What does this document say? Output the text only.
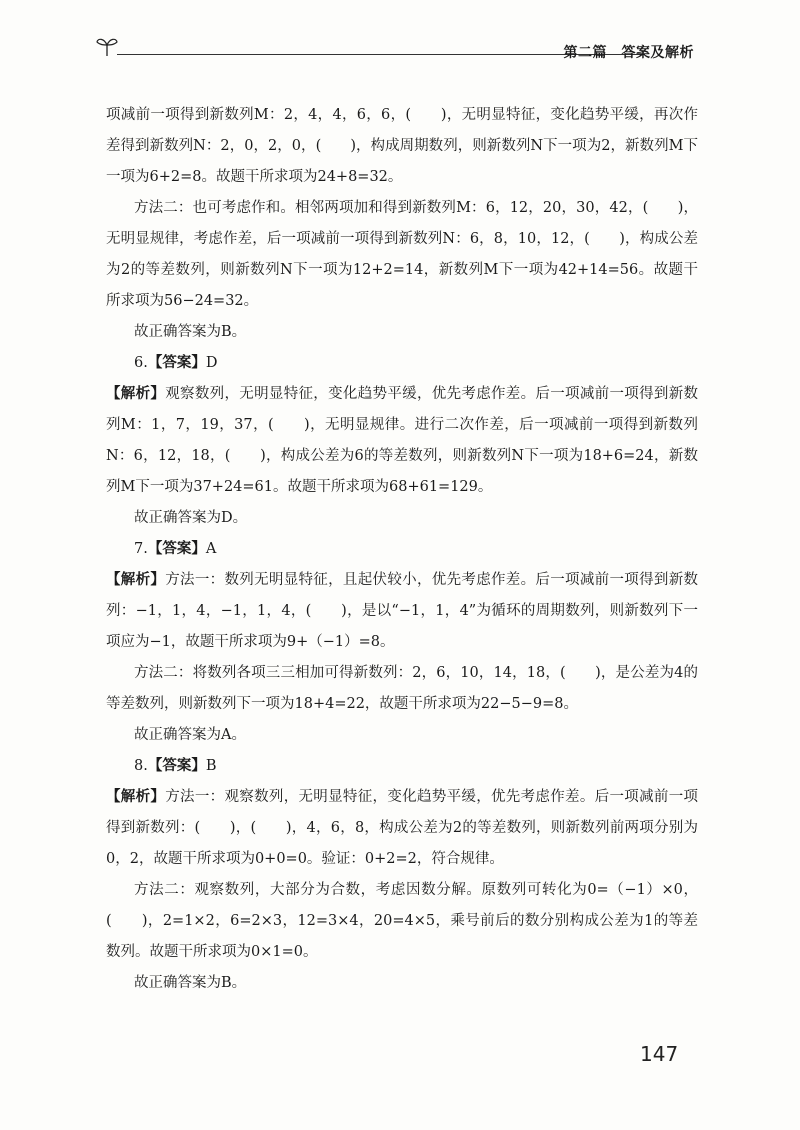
第二篇　答案及解析

项减前一项得到新数列M：2，4，4，6，6，(　　)，无明显特征，变化趋势平缓，再次作差得到新数列N：2，0，2，0，(　　)，构成周期数列，则新数列N下一项为2，新数列M下一项为6+2=8。故题干所求项为24+8=32。

方法二：也可考虑作和。相邻两项加和得到新数列M：6，12，20，30，42，(　　)，无明显规律，考虑作差，后一项减前一项得到新数列N：6，8，10，12，(　　)，构成公差为2的等差数列，则新数列N下一项为12+2=14，新数列M下一项为42+14=56。故题干所求项为56−24=32。

故正确答案为B。

6.【答案】D

【解析】观察数列，无明显特征，变化趋势平缓，优先考虑作差。后一项减前一项得到新数列M：1，7，19，37，(　　)，无明显规律。进行二次作差，后一项减前一项得到新数列N：6，12，18，(　　)，构成公差为6的等差数列，则新数列N下一项为18+6=24，新数列M下一项为37+24=61。故题干所求项为68+61=129。

故正确答案为D。

7.【答案】A

【解析】方法一：数列无明显特征，且起伏较小，优先考虑作差。后一项减前一项得到新数列：−1，1，4，−1，1，4，(　　)，是以“−1，1，4”为循环的周期数列，则新数列下一项应为−1，故题干所求项为9+（−1）=8。

方法二：将数列各项三三相加可得新数列：2，6，10，14，18，(　　)，是公差为4的等差数列，则新数列下一项为18+4=22，故题干所求项为22−5−9=8。

故正确答案为A。

8.【答案】B

【解析】方法一：观察数列，无明显特征，变化趋势平缓，优先考虑作差。后一项减前一项得到新数列：(　　)，(　　)，4，6，8，构成公差为2的等差数列，则新数列前两项分别为0，2，故题干所求项为0+0=0。验证：0+2=2，符合规律。

方法二：观察数列，大部分为合数，考虑因数分解。原数列可转化为0=（−1）×0，(　　)，2=1×2，6=2×3，12=3×4，20=4×5，乘号前后的数分别构成公差为1的等差数列。故题干所求项为0×1=0。

故正确答案为B。

147
